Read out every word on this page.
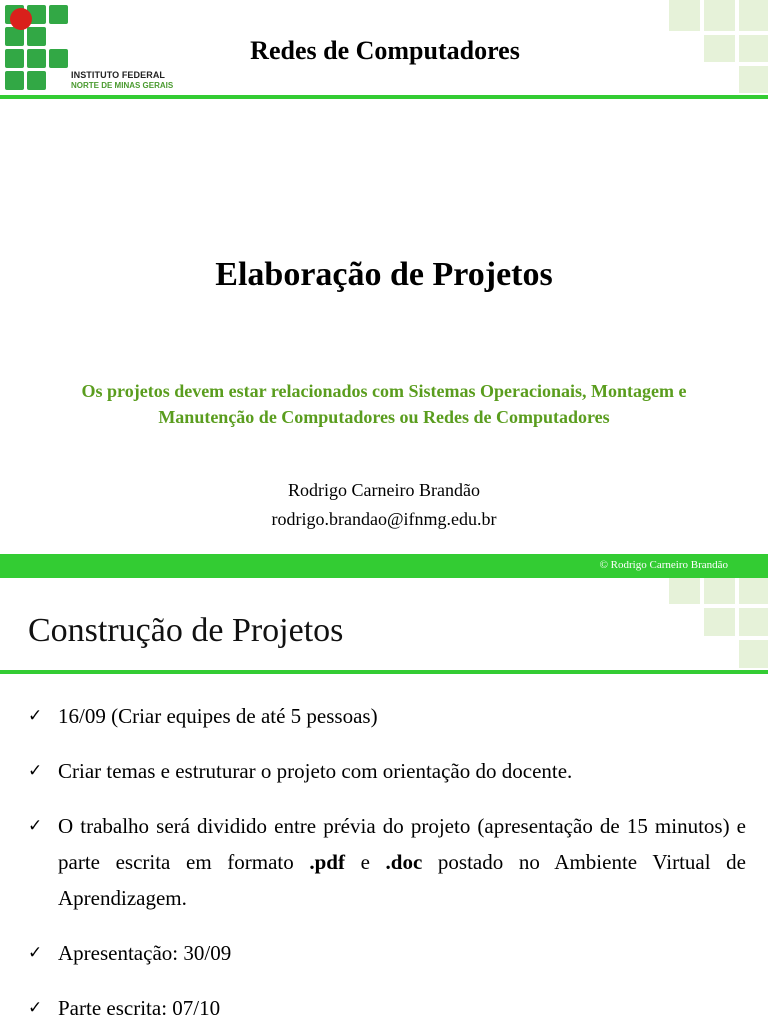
INSTITUTO FEDERAL
NORTE DE MINAS GERAIS
Redes de Computadores
Elaboração de Projetos
Os projetos devem estar relacionados com Sistemas Operacionais, Montagem e
Manutenção de Computadores ou Redes de Computadores
Rodrigo Carneiro Brandão
rodrigo.brandao@ifnmg.edu.br
© Rodrigo Carneiro Brandão
Construção de Projetos
✓ 16/09 (Criar equipes de até 5 pessoas)
✓ Criar temas e estruturar o projeto com orientação do docente.
✓ O trabalho será dividido entre prévia do projeto (apresentação de 15 minutos) e parte escrita em formato .pdf e .doc postado no Ambiente Virtual de Aprendizagem.
✓ Apresentação: 30/09
✓ Parte escrita: 07/10
